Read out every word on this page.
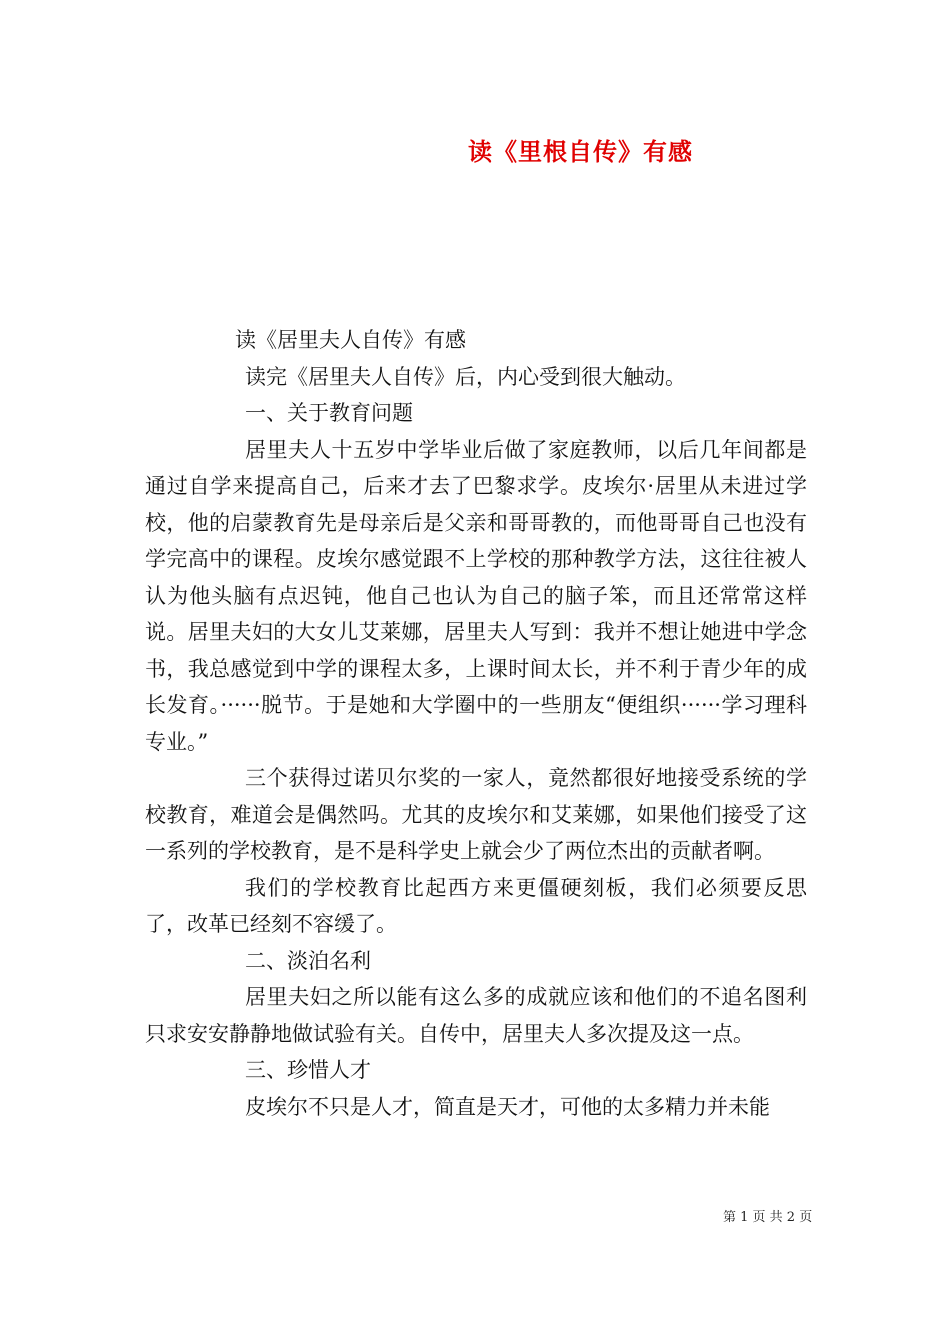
读《里根自传》有感

读《居里夫人自传》有感

读完《居里夫人自传》后，内心受到很大触动。

一、关于教育问题

居里夫人十五岁中学毕业后做了家庭教师，以后几年间都是通过自学来提高自己，后来才去了巴黎求学。皮埃尔·居里从未进过学校，他的启蒙教育先是母亲后是父亲和哥哥教的，而他哥哥自己也没有学完高中的课程。皮埃尔感觉跟不上学校的那种教学方法，这往往被人认为他头脑有点迟钝，他自己也认为自己的脑子笨，而且还常常这样说。居里夫妇的大女儿艾莱娜，居里夫人写到：我并不想让她进中学念书，我总感觉到中学的课程太多，上课时间太长，并不利于青少年的成长发育。······脱节。于是她和大学圈中的一些朋友“便组织······学习理科专业。”

三个获得过诺贝尔奖的一家人，竟然都很好地接受系统的学校教育，难道会是偶然吗。尤其的皮埃尔和艾莱娜，如果他们接受了这一系列的学校教育，是不是科学史上就会少了两位杰出的贡献者啊。

我们的学校教育比起西方来更僵硬刻板，我们必须要反思了，改革已经刻不容缓了。

二、淡泊名利

居里夫妇之所以能有这么多的成就应该和他们的不追名图利只求安安静静地做试验有关。自传中，居里夫人多次提及这一点。

三、珍惜人才

皮埃尔不只是人才，简直是天才，可他的太多精力并未能

第 1 页 共 2 页
